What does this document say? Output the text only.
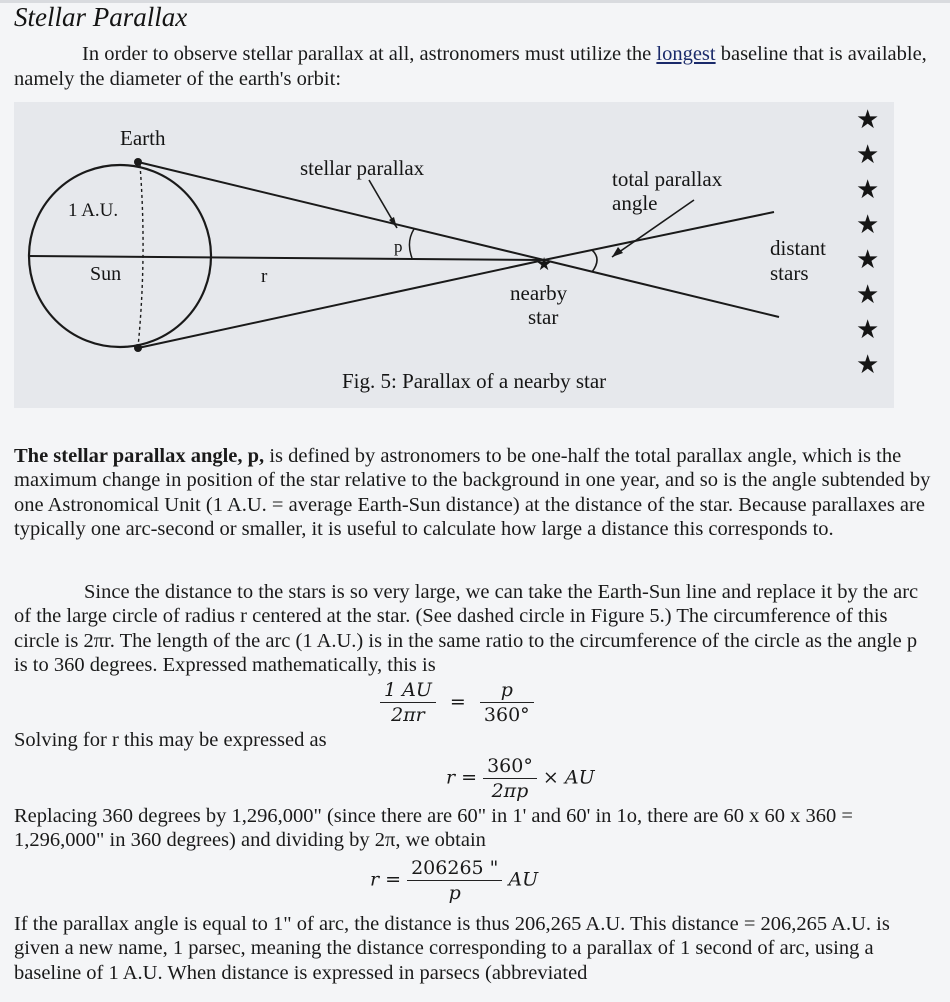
Stellar Parallax

In order to observe stellar parallax at all, astronomers must utilize the longest baseline that is available, namely the diameter of the earth's orbit:

★
Earth
1 A.U.
Sun	r
p
stellar parallax	total parallax
angle
nearby
star
distant
stars
Fig. 5: Parallax of a nearby star
★
★
★
★
★
★
★
★

The stellar parallax angle, p, is defined by astronomers to be one-half the total parallax angle, which is the maximum change in position of the star relative to the background in one year, and so is the angle subtended by one Astronomical Unit (1 A.U. = average Earth-Sun distance) at the distance of the star. Because parallaxes are typically one arc-second or smaller, it is useful to calculate how large a distance this corresponds to.

Since the distance to the stars is so very large, we can take the Earth-Sun line and replace it by the arc of the large circle of radius r centered at the star. (See dashed circle in Figure 5.) The circumference of this circle is 2πr. The length of the arc (1 A.U.) is in the same ratio to the circumference of the circle as the angle p is to 360 degrees. Expressed mathematically, this is

$\frac{1 AU}{2\pi r} = \frac{p}{360^\circ}$

Solving for r this may be expressed as

$r = \frac{360^\circ}{2\pi p}$ × AU

Replacing 360 degrees by 1,296,000" (since there are 60" in 1' and 60' in 1o, there are 60 x 60 x 360 = 1,296,000" in 360 degrees) and dividing by 2π, we obtain

$r = \frac{206265 "}{p}$ AU

If the parallax angle is equal to 1" of arc, the distance is thus 206,265 A.U. This distance = 206,265 A.U. is given a new name, 1 parsec, meaning the distance corresponding to a parallax of 1 second of arc, using a baseline of 1 A.U. When distance is expressed in parsecs (abbreviated
